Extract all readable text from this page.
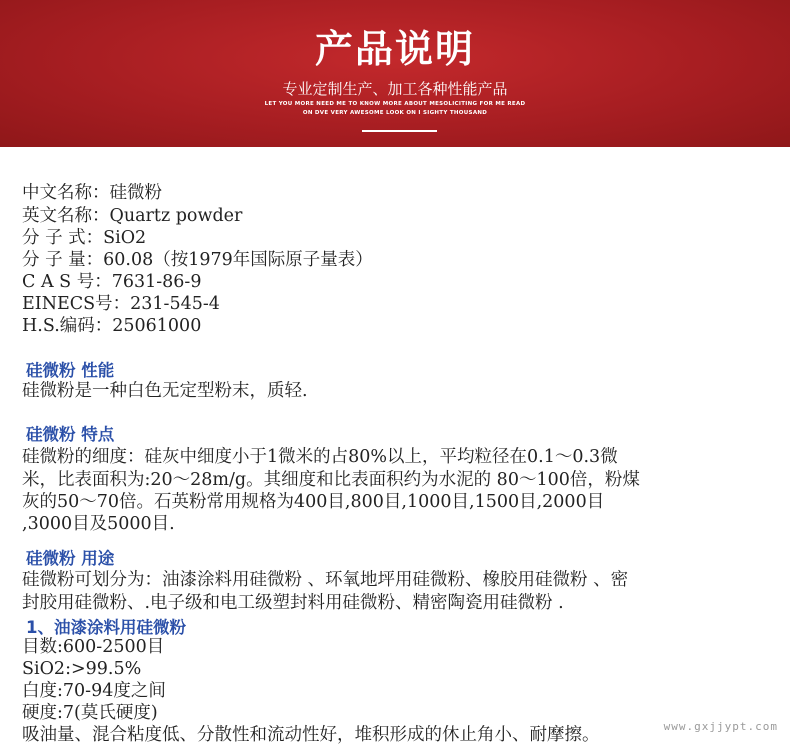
产品说明
专业定制生产、加工各种性能产品
LET YOU MORE NEED ME TO KNOW MORE ABOUT MESOLICITING FOR ME READ
ON DVE VERY AWESOME LOOK ON I SIGHTY THOUSAND
中文名称：硅微粉
英文名称：Quartz powder
分 子 式：SiO2
分 子 量：60.08（按1979年国际原子量表）
C A S 号：7631-86-9
EINECS号：231-545-4
H.S.编码：25061000
硅微粉 性能
硅微粉是一种白色无定型粉末，质轻.
硅微粉 特点
硅微粉的细度：硅灰中细度小于1微米的占80%以上，平均粒径在0.1～0.3微
米，比表面积为:20～28m/g。其细度和比表面积约为水泥的 80～100倍，粉煤
灰的50～70倍。石英粉常用规格为400目,800目,1000目,1500目,2000目
,3000目及5000目.
硅微粉 用途
硅微粉可划分为：油漆涂料用硅微粉 、环氧地坪用硅微粉、橡胶用硅微粉 、密
封胶用硅微粉、.电子级和电工级塑封料用硅微粉、精密陶瓷用硅微粉 .
1、油漆涂料用硅微粉
目数:600-2500目
SiO2:>99.5%
白度:70-94度之间
硬度:7(莫氏硬度)
吸油量、混合粘度低、分散性和流动性好，堆积形成的休止角小、耐摩擦。	www.gxjjypt.com
